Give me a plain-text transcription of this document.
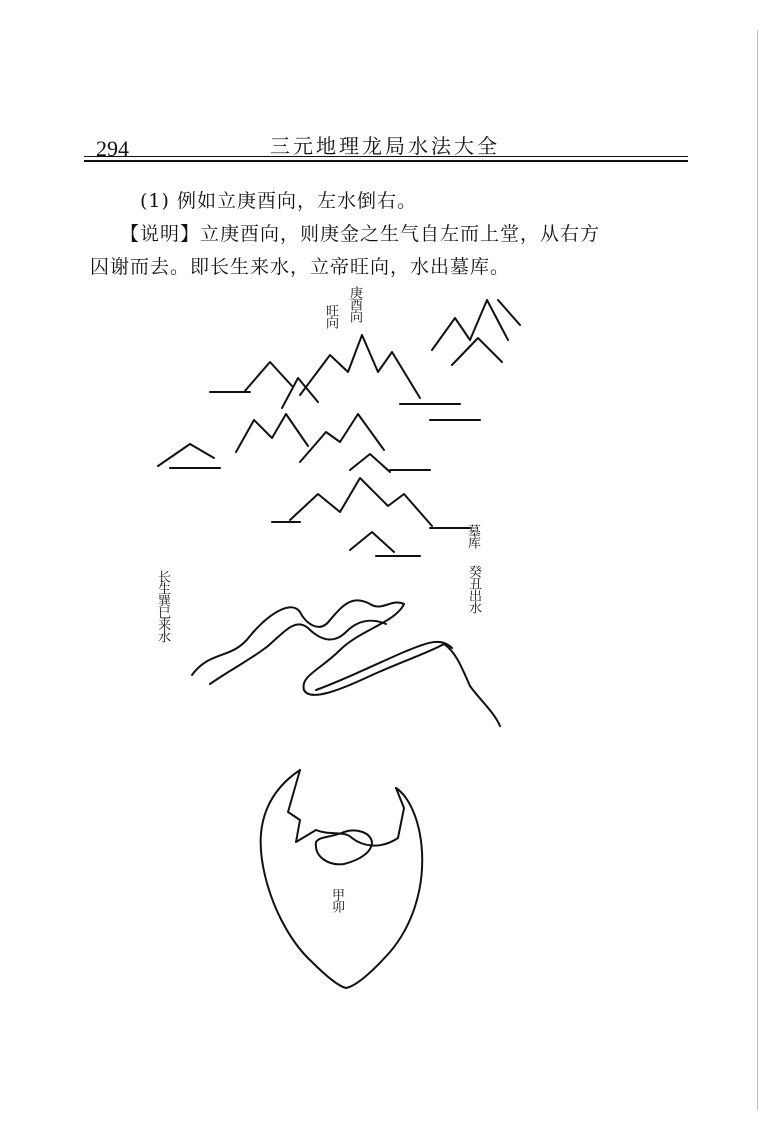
294	三元地理龙局水法大全
(1) 例如立庚酉向，左水倒右。
【说明】立庚酉向，则庚金之生气自左而上堂，从右方
囚谢而去。即长生来水，立帝旺向，水出墓库。
庚酉向
旺向
墓库
癸丑出水
长生巽巳来水
甲卯
